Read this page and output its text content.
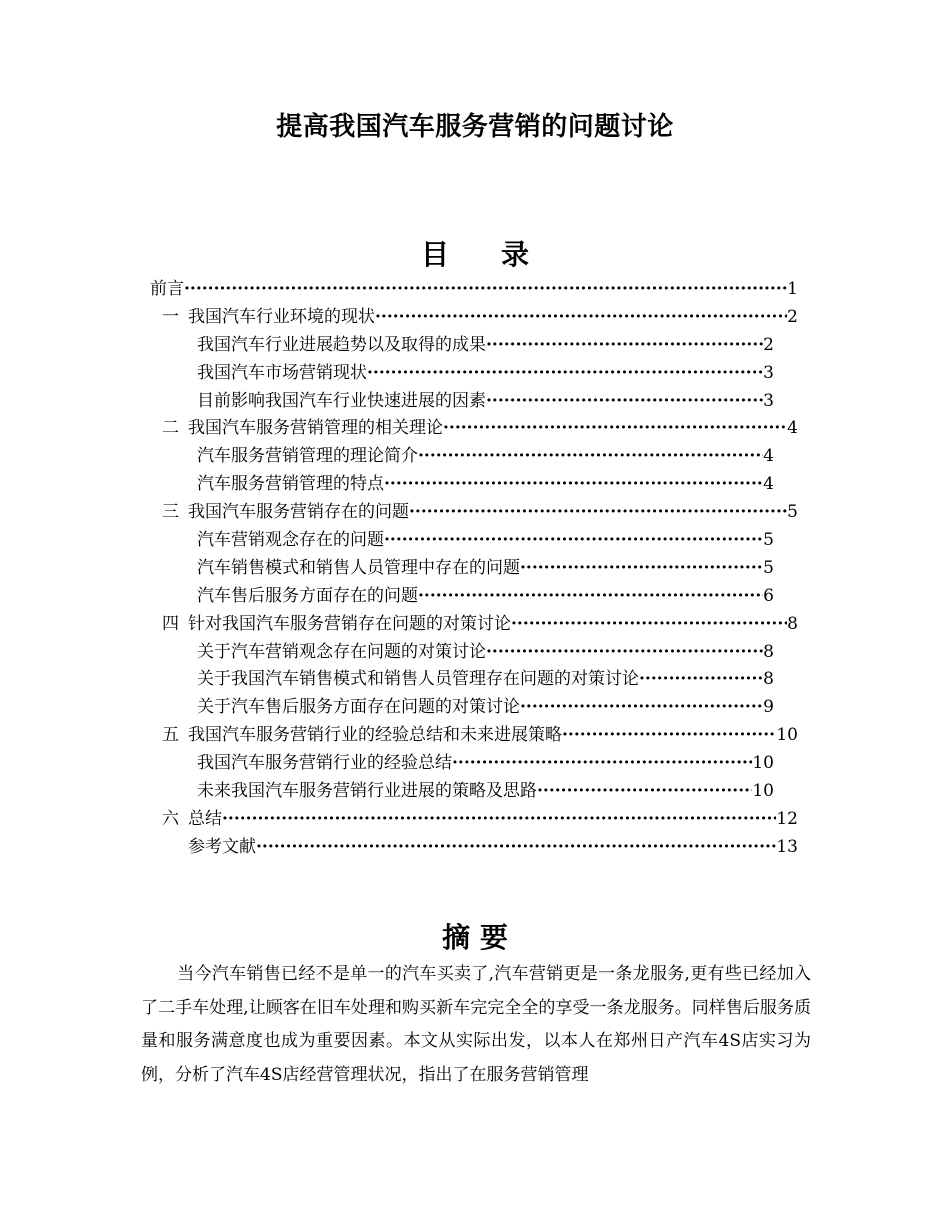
提高我国汽车服务营销的问题讨论
目 录
前言 ·····	1
一 我国汽车行业环境的现状 ·····	2
我国汽车行业进展趋势以及取得的成果 ·····	2
我国汽车市场营销现状 ·····	3
目前影响我国汽车行业快速进展的因素 ·····	3
二 我国汽车服务营销管理的相关理论 ·····	4
汽车服务营销管理的理论简介 ·····	4
汽车服务营销管理的特点 ·····	4
三 我国汽车服务营销存在的问题 ·····	5
汽车营销观念存在的问题 ·····	5
汽车销售模式和销售人员管理中存在的问题 ·····	5
汽车售后服务方面存在的问题 ·····	6
四 针对我国汽车服务营销存在问题的对策讨论 ·····	8
关于汽车营销观念存在问题的对策讨论 ·····	8
关于我国汽车销售模式和销售人员管理存在问题的对策讨论 ·····	8
关于汽车售后服务方面存在问题的对策讨论 ·····	9
五 我国汽车服务营销行业的经验总结和未来进展策略 ·····	10
我国汽车服务营销行业的经验总结 ·····	10
未来我国汽车服务营销行业进展的策略及思路 ·····	10
六 总结 ·····	12
参考文献 ·····	13
摘 要

当今汽车销售已经不是单一的汽车买卖了,汽车营销更是一条龙服务,更有些已经加入了二手车处理,让顾客在旧车处理和购买新车完完全全的享受一条龙服务。同样售后服务质量和服务满意度也成为重要因素。本文从实际出发，以本人在郑州日产汽车4S店实习为例，分析了汽车4S店经营管理状况，指出了在服务营销管理
